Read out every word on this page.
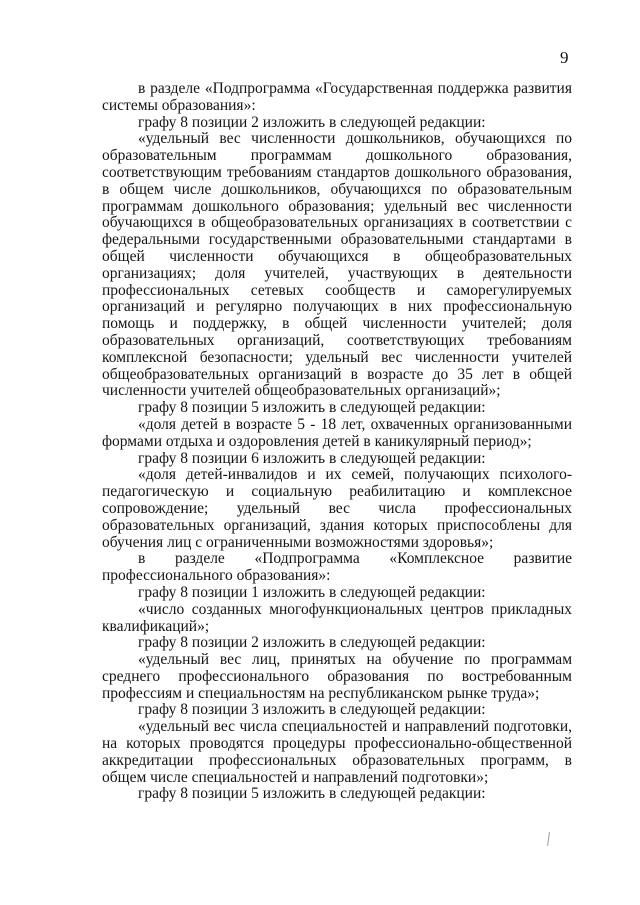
9

в разделе «Подпрограмма «Государственная поддержка развития системы образования»:

графу 8 позиции 2 изложить в следующей редакции:

«удельный вес численности дошкольников, обучающихся по образовательным программам дошкольного образования, соответствующим требованиям стандартов дошкольного образования, в общем числе дошкольников, обучающихся по образовательным программам дошкольного образования; удельный вес численности обучающихся в общеобразовательных организациях в соответствии с федеральными государственными образовательными стандартами в общей численности обучающихся в общеобразовательных организациях; доля учителей, участвующих в деятельности профессиональных сетевых сообществ и саморегулируемых организаций и регулярно получающих в них профессиональную помощь и поддержку, в общей численности учителей; доля образовательных организаций, соответствующих требованиям комплексной безопасности; удельный вес численности учителей общеобразовательных организаций в возрасте до 35 лет в общей численности учителей общеобразовательных организаций»;

графу 8 позиции 5 изложить в следующей редакции:

«доля детей в возрасте 5 - 18 лет, охваченных организованными формами отдыха и оздоровления детей в каникулярный период»;

графу 8 позиции 6 изложить в следующей редакции:

«доля детей-инвалидов и их семей, получающих психолого-педагогическую и социальную реабилитацию и комплексное сопровождение; удельный вес числа профессиональных образовательных организаций, здания которых приспособлены для обучения лиц с ограниченными возможностями здоровья»;

в разделе «Подпрограмма «Комплексное развитие профессионального образования»:

графу 8 позиции 1 изложить в следующей редакции:

«число созданных многофункциональных центров прикладных квалификаций»;

графу 8 позиции 2 изложить в следующей редакции:

«удельный вес лиц, принятых на обучение по программам среднего профессионального образования по востребованным профессиям и специальностям на республиканском рынке труда»;

графу 8 позиции 3 изложить в следующей редакции:

«удельный вес числа специальностей и направлений подготовки, на которых проводятся процедуры профессионально-общественной аккредитации профессиональных образовательных программ, в общем числе специальностей и направлений подготовки»;

графу 8 позиции 5 изложить в следующей редакции:
